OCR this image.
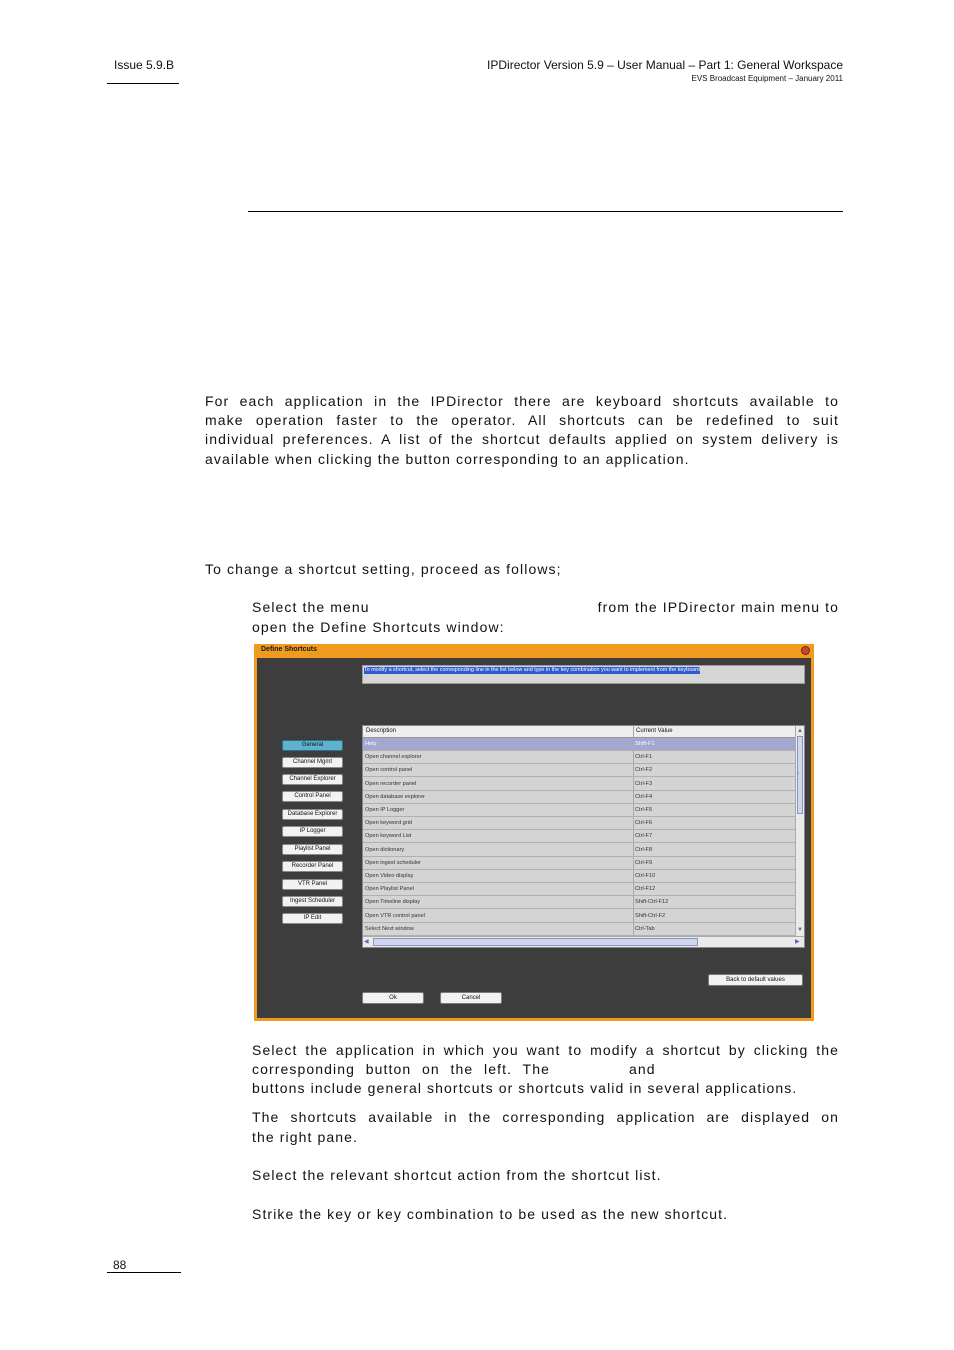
Issue 5.9.B	IPDirector Version 5.9 – User Manual – Part 1: General Workspace
EVS Broadcast Equipment – January 2011
For each application in the IPDirector there are keyboard shortcuts available to
make operation faster to the operator. All shortcuts can be redefined to suit
individual preferences. A list of the shortcut defaults applied on system delivery is
available when clicking the button corresponding to an application.
To change a shortcut setting, proceed as follows;
Select the menu	from the IPDirector main menu to
open the Define Shortcuts window:
Define Shortcuts
To modify a shortcut, select the corresponding line in the list below and type in the key combination you want to implement from the keyboard
General
Channel Mgmt
Channel Explorer
Control Panel
Database Explorer
IP Logger
Playlist Panel
Recorder Panel
VTR Panel
Ingest Scheduler
IP Edit
Description	Current Value
Help	Shift-F1
Open channel explorer	Ctrl-F1
Open control panel	Ctrl-F2
Open recorder panel	Ctrl-F3
Open database explorer	Ctrl-F4
Open IP Logger	Ctrl-F5
Open keyword grid	Ctrl-F6
Open keyword List	Ctrl-F7
Open dictionary	Ctrl-F8
Open ingest scheduler	Ctrl-F9
Open Video display	Ctrl-F10
Open Playlist Panel	Ctrl-F12
Open Timeline display	Shift-Ctrl-F12
Open VTR control panel	Shift-Ctrl-F2
Select Next window	Ctrl-Tab
▲
‹
▼
◀	▶
Back to default values
Ok	Cancel
Select the application in which you want to modify a shortcut by clicking the
corresponding button on the left. The	and
buttons include general shortcuts or shortcuts valid in several applications.
The shortcuts available in the corresponding application are displayed on
the right pane.
Select the relevant shortcut action from the shortcut list.
Strike the key or key combination to be used as the new shortcut.
88
